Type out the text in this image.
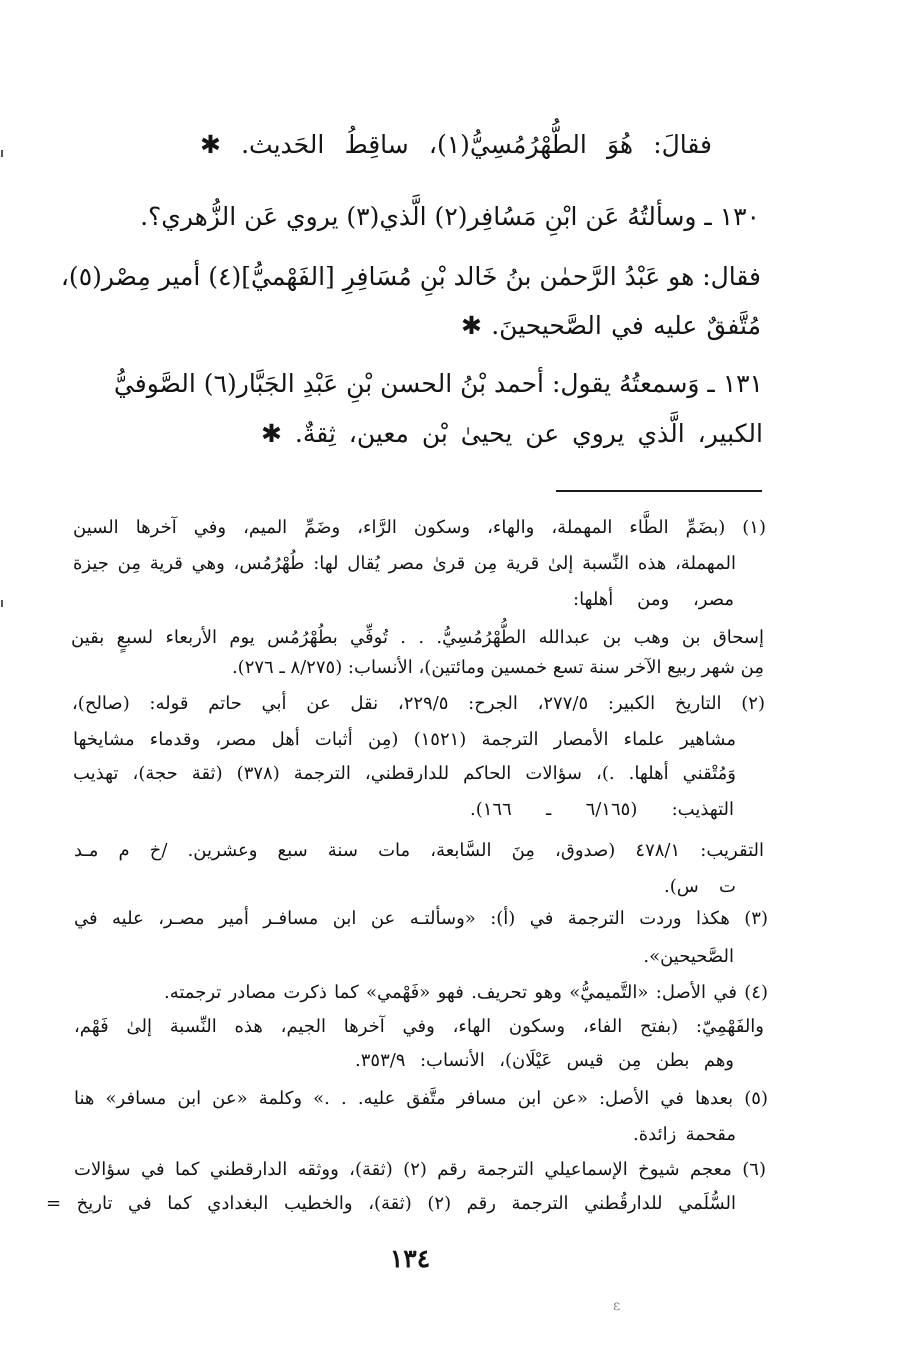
فقالَ: هُوَ الطُّهْرُمُسِيُّ(١)، ساقِطُ الحَديث. ✱
١٣٠ ـ وسألتُهُ عَن ابْنِ مَسُافِر(٢) الَّذي(٣) يروي عَن الزُّهري؟.
فقال: هو عَبْدُ الرَّحمٰن بنُ خَالد بْنِ مُسَافِرِ [الفَهْميُّ](٤) أمير مِصْر(٥)،
مُتَّفقٌ عليه في الصَّحيحينَ. ✱
١٣١ ـ وَسمعتُهُ يقول: أحمد بْنُ الحسن بْنِ عَبْدِ الجَبَّار(٦) الصَّوفيُّ
الكبير، الَّذي يروي عن يحيىٰ بْن معين، ثِقةٌ. ✱
(١) (بضَمِّ الطَّاء المهملة، والهاء، وسكون الرَّاء، وضَمِّ الميم، وفي آخرها السين
المهملة، هذه النِّسبة إلىٰ قرية مِن قرىٰ مصر يُقال لها: طُهْرُمُس، وهي قرية مِن جيزة
مصر، ومن أهلها:
إسحاق بن وهب بن عبدالله الطُّهْرُمُسِيُّ. . . تُوفِّي بطُهْرُمُس يوم الأربعاء لسبعٍ بقين
مِن شهر ربيع الآخر سنة تسع خمسين ومائتين)، الأنساب: (٨/٢٧٥ ـ ٢٧٦).
(٢) التاريخ الكبير: ٢٧٧/٥، الجرح: ٢٢٩/٥، نقل عن أبي حاتم قوله: (صالح)،
مشاهير علماء الأمصار الترجمة (١٥٢١) (مِن أثبات أهل مصر، وقدماء مشايخها
وَمُتْقني أهلها. .)، سؤالات الحاكم للدارقطني، الترجمة (٣٧٨) (ثقة حجة)، تهذيب
التهذيب: (٦/١٦٥ ـ ١٦٦).
التقريب: ٤٧٨/١ (صدوق، مِنَ السَّابعة، مات سنة سبع وعشرين. /خ م مـد
ت س).
(٣) هكذا وردت الترجمة في (أ): «وسألتـه عن ابن مسافـر أمير مصـر، عليه في
الصَّحيحين».
(٤) في الأصل: «التَّميميُّ» وهو تحريف. فهو «فَهْمي» كما ذكرت مصادر ترجمته.
والفَهْمِيّ: (بفتح الفاء، وسكون الهاء، وفي آخرها الجيم، هذه النِّسبة إلىٰ فَهْم،
وهم بطن مِن قيس عَيْلَان)، الأنساب: ٣٥٣/٩.
(٥) بعدها في الأصل: «عن ابن مسافر متَّفق عليه. . .» وكلمة «عن ابن مسافر» هنا
مقحمة زائدة.
(٦) معجم شيوخ الإسماعيلي الترجمة رقم (٢) (ثقة)، ووثقه الدارقطني كما في سؤالات
السُّلَمي للدارقُطني الترجمة رقم (٢) (ثقة)، والخطيب البغدادي كما في تاريخ =
١٣٤
ε
